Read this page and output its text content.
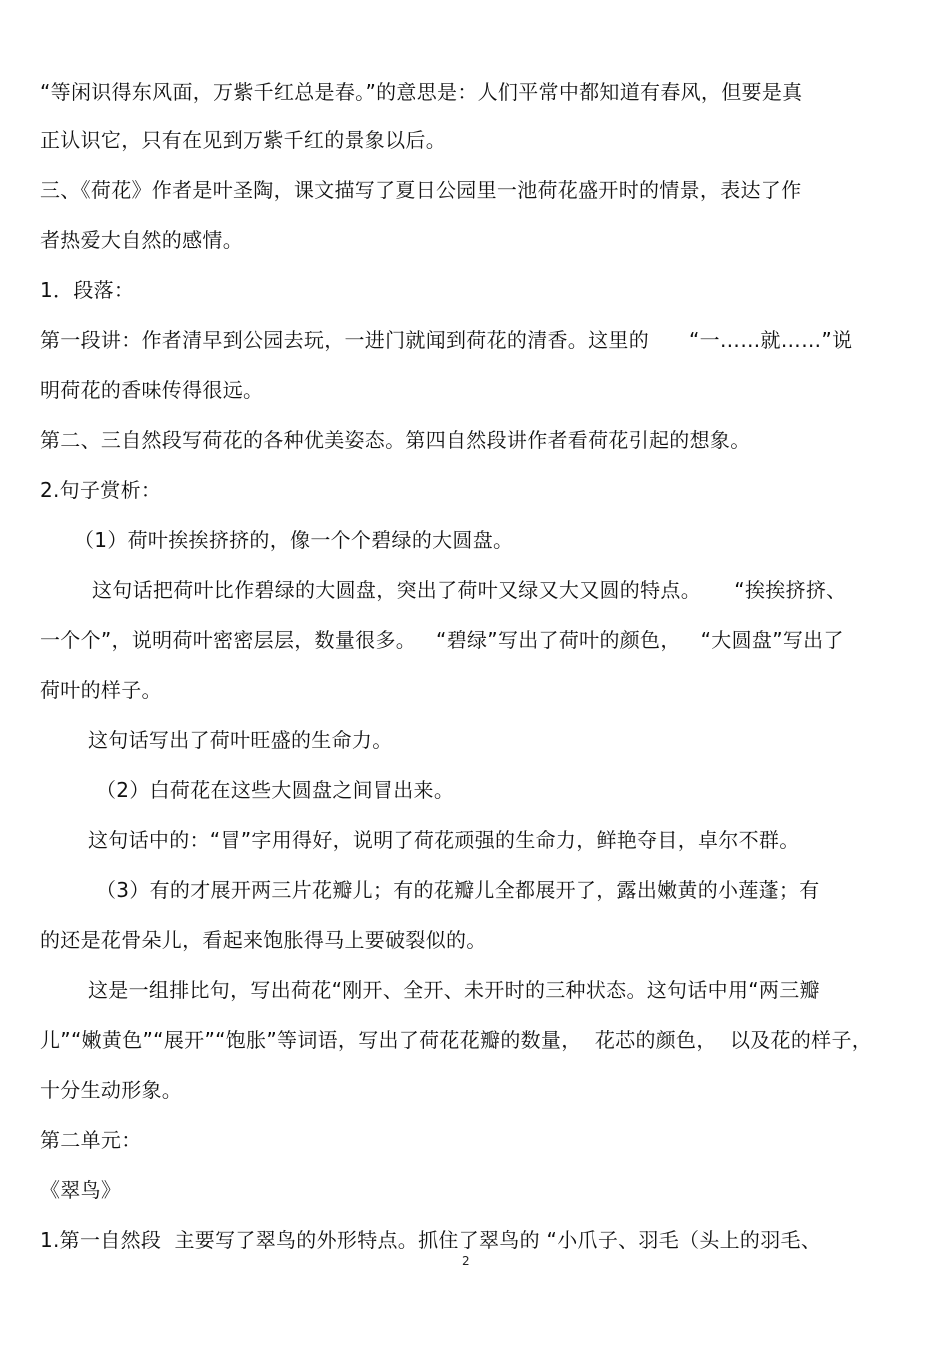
“等闲识得东风面，万紫千红总是春。”的意思是：人们平常中都知道有春风，但要是真
正认识它，只有在见到万紫千红的景象以后。
三、《荷花》作者是叶圣陶，课文描写了夏日公园里一池荷花盛开时的情景，表达了作
者热爱大自然的感情。
1．段落：
第一段讲：作者清早到公园去玩，一进门就闻到荷花的清香。这里的      “一……就……”说
明荷花的香味传得很远。
第二、三自然段写荷花的各种优美姿态。第四自然段讲作者看荷花引起的想象。
2.句子赏析：
（1）荷叶挨挨挤挤的，像一个个碧绿的大圆盘。
这句话把荷叶比作碧绿的大圆盘，突出了荷叶又绿又大又圆的特点。     “挨挨挤挤、
一个个”，说明荷叶密密层层，数量很多。   “碧绿”写出了荷叶的颜色，   “大圆盘”写出了
荷叶的样子。
这句话写出了荷叶旺盛的生命力。
（2）白荷花在这些大圆盘之间冒出来。
这句话中的：“冒”字用得好，说明了荷花顽强的生命力，鲜艳夺目，卓尔不群。
（3）有的才展开两三片花瓣儿；有的花瓣儿全都展开了，露出嫩黄的小莲蓬；有
的还是花骨朵儿，看起来饱胀得马上要破裂似的。
这是一组排比句，写出荷花“刚开、全开、未开时的三种状态。这句话中用“两三瓣
儿”“嫩黄色”“展开”“饱胀”等词语，写出了荷花花瓣的数量，  花芯的颜色，  以及花的样子，
十分生动形象。
第二单元：
《翠鸟》
1.第一自然段  主要写了翠鸟的外形特点。抓住了翠鸟的 “小爪子、羽毛（头上的羽毛、
2
